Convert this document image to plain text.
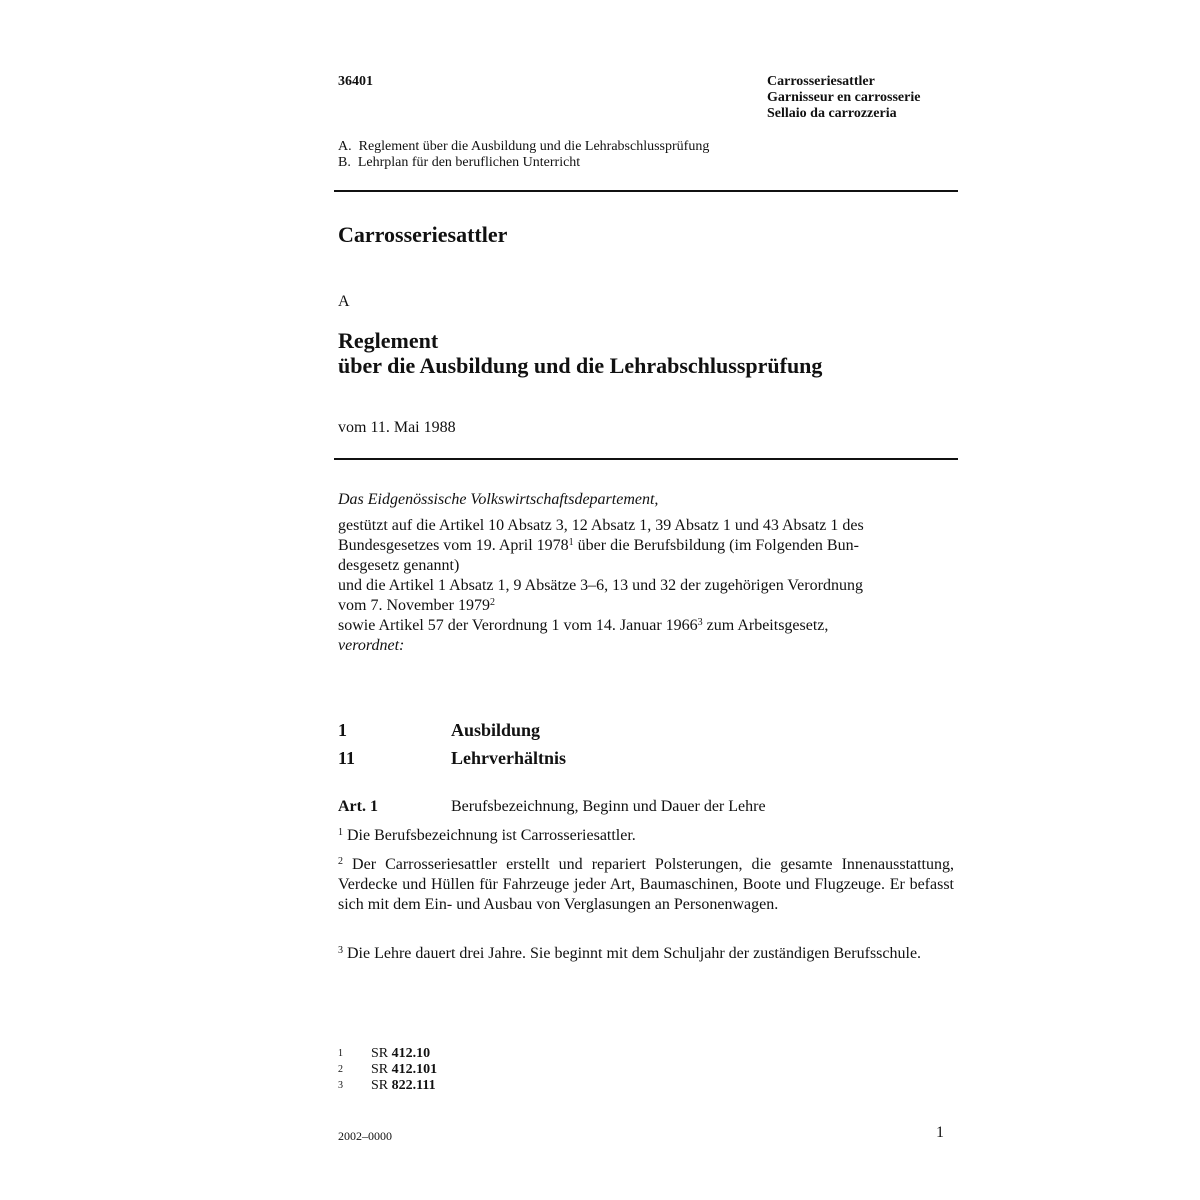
36401	Carrosseriesattler
Garnisseur en carrosserie
Sellaio da carrozzeria
A.  Reglement über die Ausbildung und die Lehrabschlussprüfung
B.  Lehrplan für den beruflichen Unterricht
Carrosseriesattler
A
Reglement
über die Ausbildung und die Lehrabschlussprüfung
vom 11. Mai 1988
Das Eidgenössische Volkswirtschaftsdepartement,
gestützt auf die Artikel 10 Absatz 3, 12 Absatz 1, 39 Absatz 1 und 43 Absatz 1 des
Bundesgesetzes vom 19. April 1978$^1$ über die Berufsbildung (im Folgenden Bun-
desgesetz genannt)
und die Artikel 1 Absatz 1, 9 Absätze 3–6, 13 und 32 der zugehörigen Verordnung
vom 7. November 1979$^2$
sowie Artikel 57 der Verordnung 1 vom 14. Januar 1966$^3$ zum Arbeitsgesetz,
verordnet:
1	Ausbildung
11	Lehrverhältnis
Art. 1	Berufsbezeichnung, Beginn und Dauer der Lehre
$^1$ Die Berufsbezeichnung ist Carrosseriesattler.
$^2$ Der Carrosseriesattler erstellt und repariert Polsterungen, die gesamte Innenausstattung, Verdecke und Hüllen für Fahrzeuge jeder Art, Baumaschinen, Boote und Flugzeuge. Er befasst sich mit dem Ein- und Ausbau von Verglasungen an Personenwagen.
$^3$ Die Lehre dauert drei Jahre. Sie beginnt mit dem Schuljahr der zuständigen Berufsschule.
1	SR 412.10
2	SR 412.101
3	SR 822.111
2002–0000	1
